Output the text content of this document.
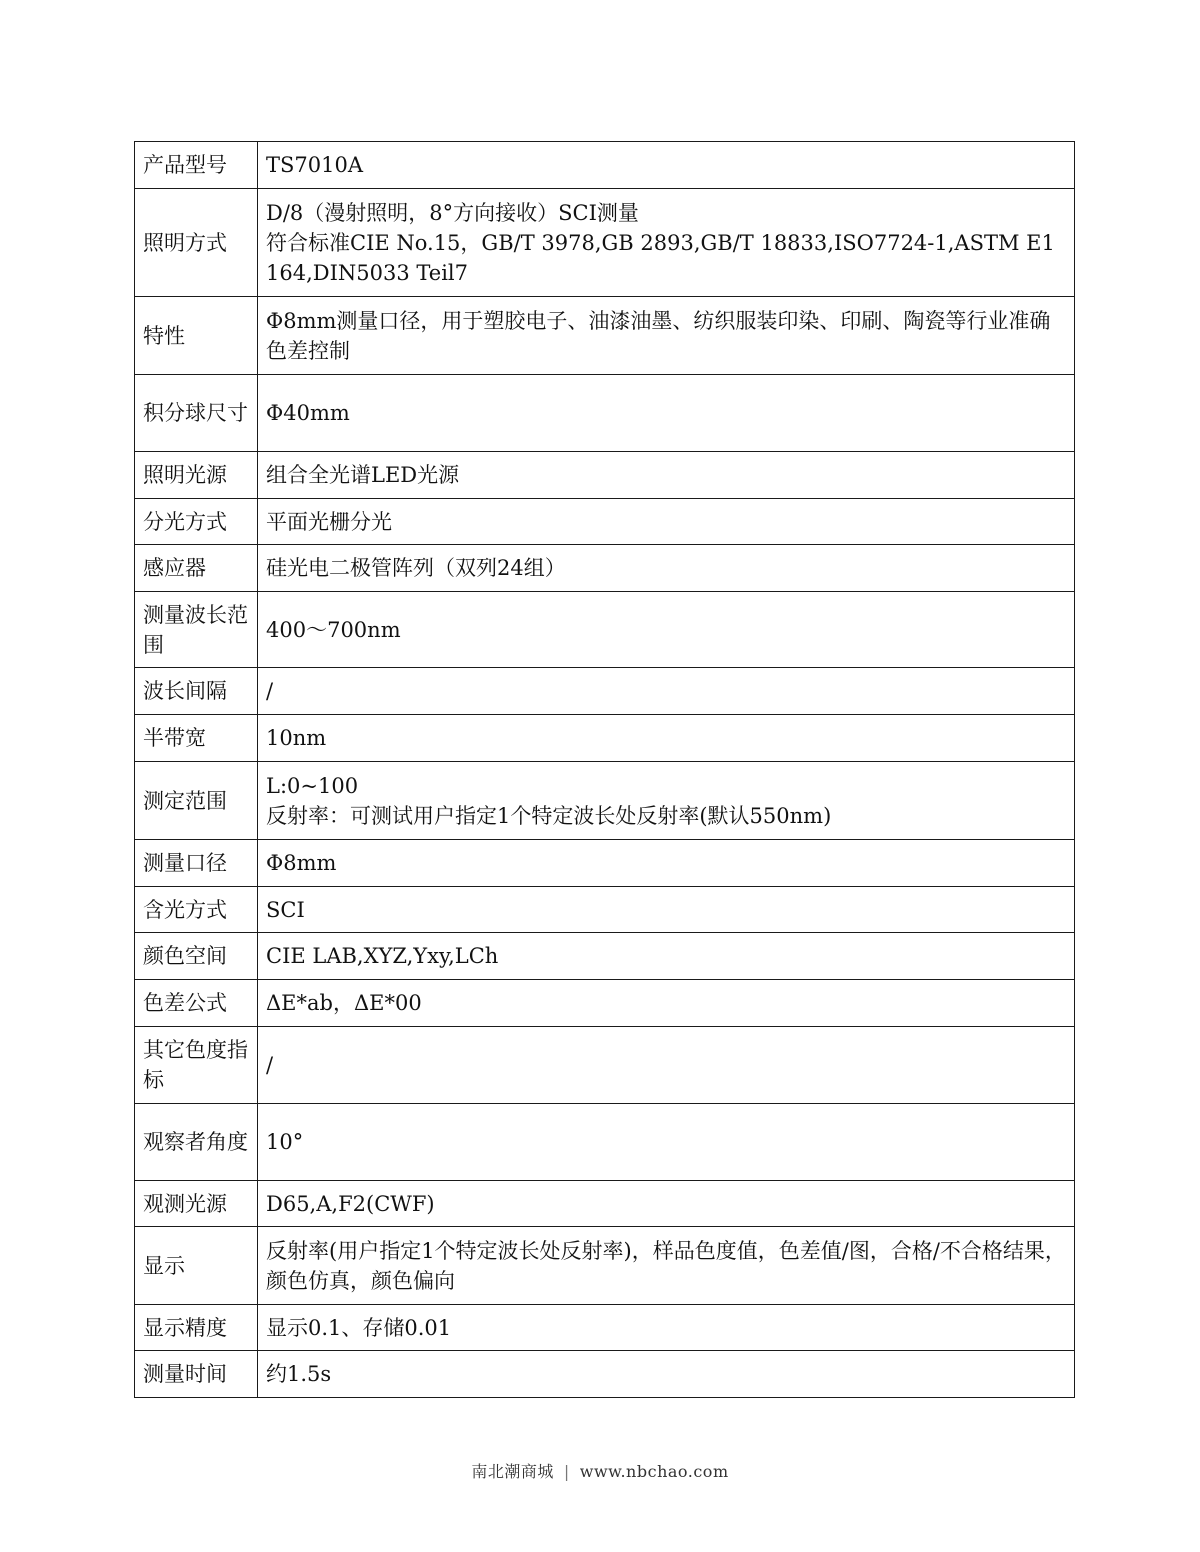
产品型号	TS7010A
照明方式	D/8（漫射照明，8°方向接收）SCI测量
符合标准CIE No.15，GB/T 3978,GB 2893,GB/T 18833,ISO7724-1,ASTM E1164,DIN5033 Teil7
特性	Φ8mm测量口径，用于塑胶电子、油漆油墨、纺织服装印染、印刷、陶瓷等行业准确色差控制
积分球尺寸	Φ40mm
照明光源	组合全光谱LED光源
分光方式	平面光栅分光
感应器	硅光电二极管阵列（双列24组）
测量波长范围	400～700nm
波长间隔	/
半带宽	10nm
测定范围	L:0~100
反射率：可测试用户指定1个特定波长处反射率(默认550nm)
测量口径	Φ8mm
含光方式	SCI
颜色空间	CIE LAB,XYZ,Yxy,LCh
色差公式	ΔE*ab，ΔE*00
其它色度指标	/
观察者角度	10°
观测光源	D65,A,F2(CWF)
显示	反射率(用户指定1个特定波长处反射率)，样品色度值，色差值/图，合格/不合格结果，颜色仿真，颜色偏向
显示精度	显示0.1、存储0.01
测量时间	约1.5s
南北潮商城 | www.nbchao.com
